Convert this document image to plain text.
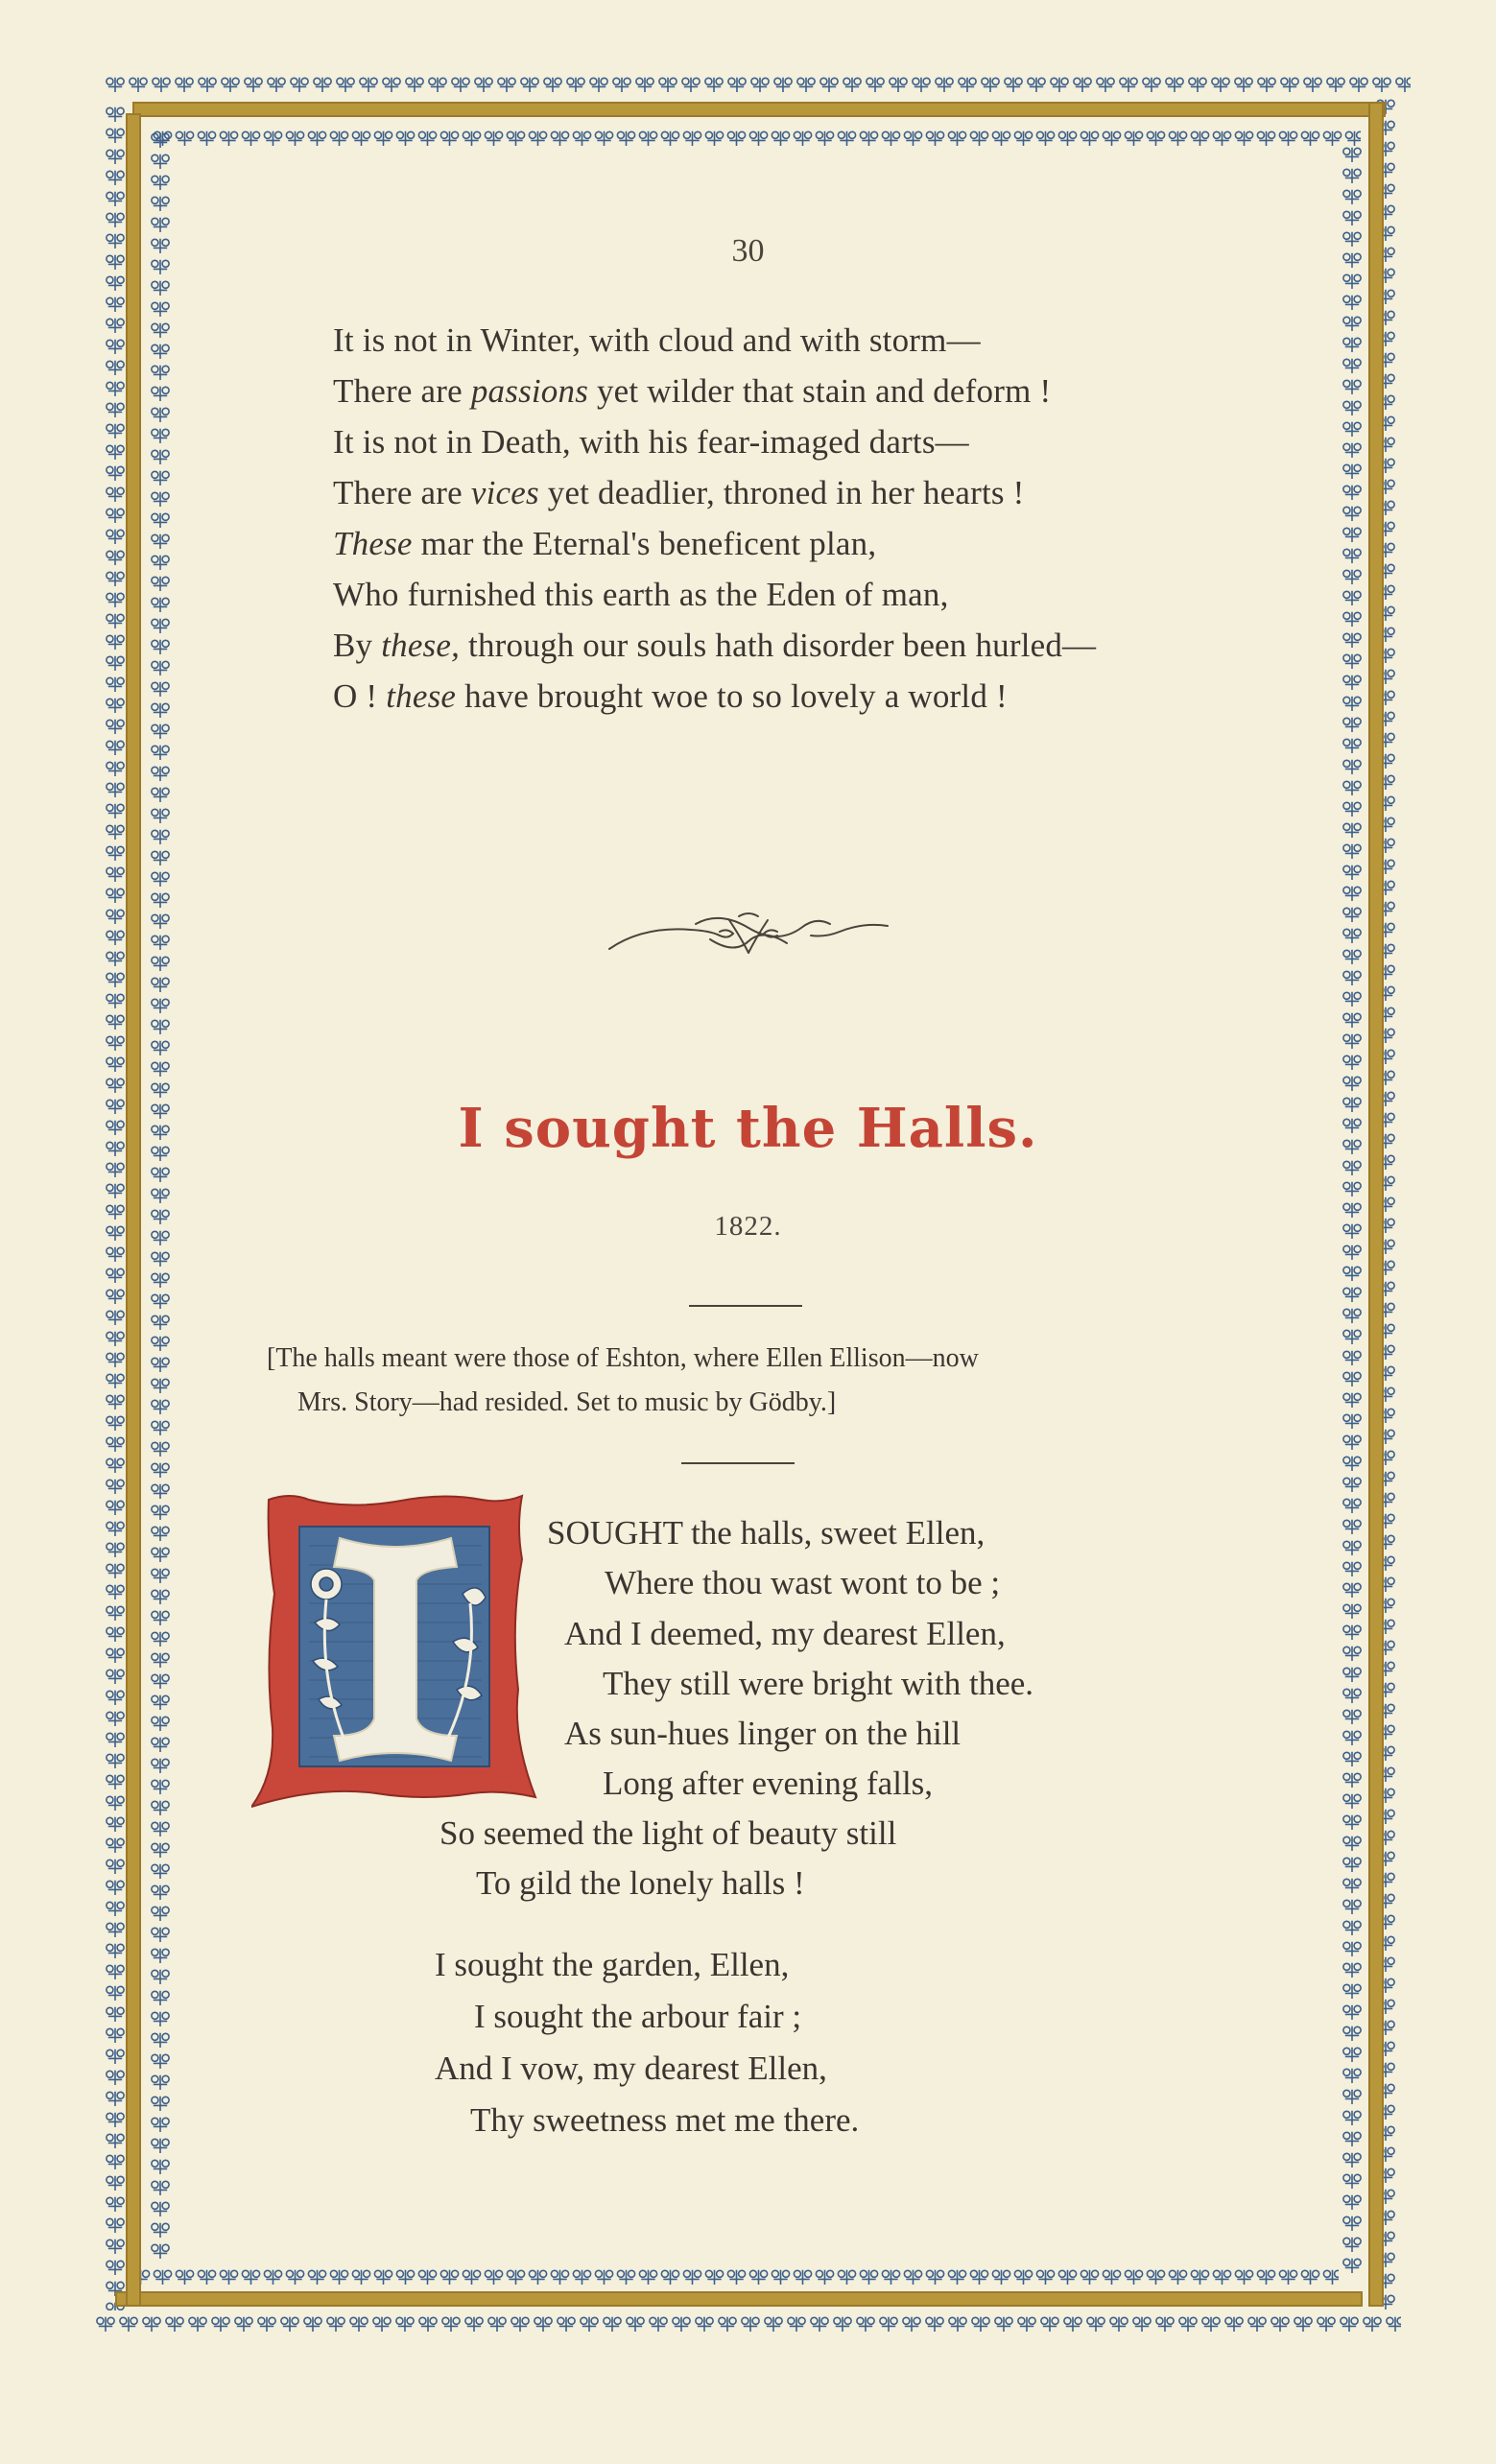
30
It is not in Winter, with cloud and with storm—
There are passions yet wilder that stain and deform !
It is not in Death, with his fear-imaged darts—
There are vices yet deadlier, throned in her hearts !
These mar the Eternal's beneficent plan,
Who furnished this earth as the Eden of man,
By these, through our souls hath disorder been hurled—
O ! these have brought woe to so lovely a world !
I sought the Halls.
1822.
[The halls meant were those of Eshton, where Ellen Ellison—now
Mrs. Story—had resided. Set to music by Gödby.]
SOUGHT the halls, sweet Ellen,
Where thou wast wont to be ;
And I deemed, my dearest Ellen,
They still were bright with thee.
As sun-hues linger on the hill
Long after evening falls,
So seemed the light of beauty still
To gild the lonely halls !
I sought the garden, Ellen,
I sought the arbour fair ;
And I vow, my dearest Ellen,
Thy sweetness met me there.
